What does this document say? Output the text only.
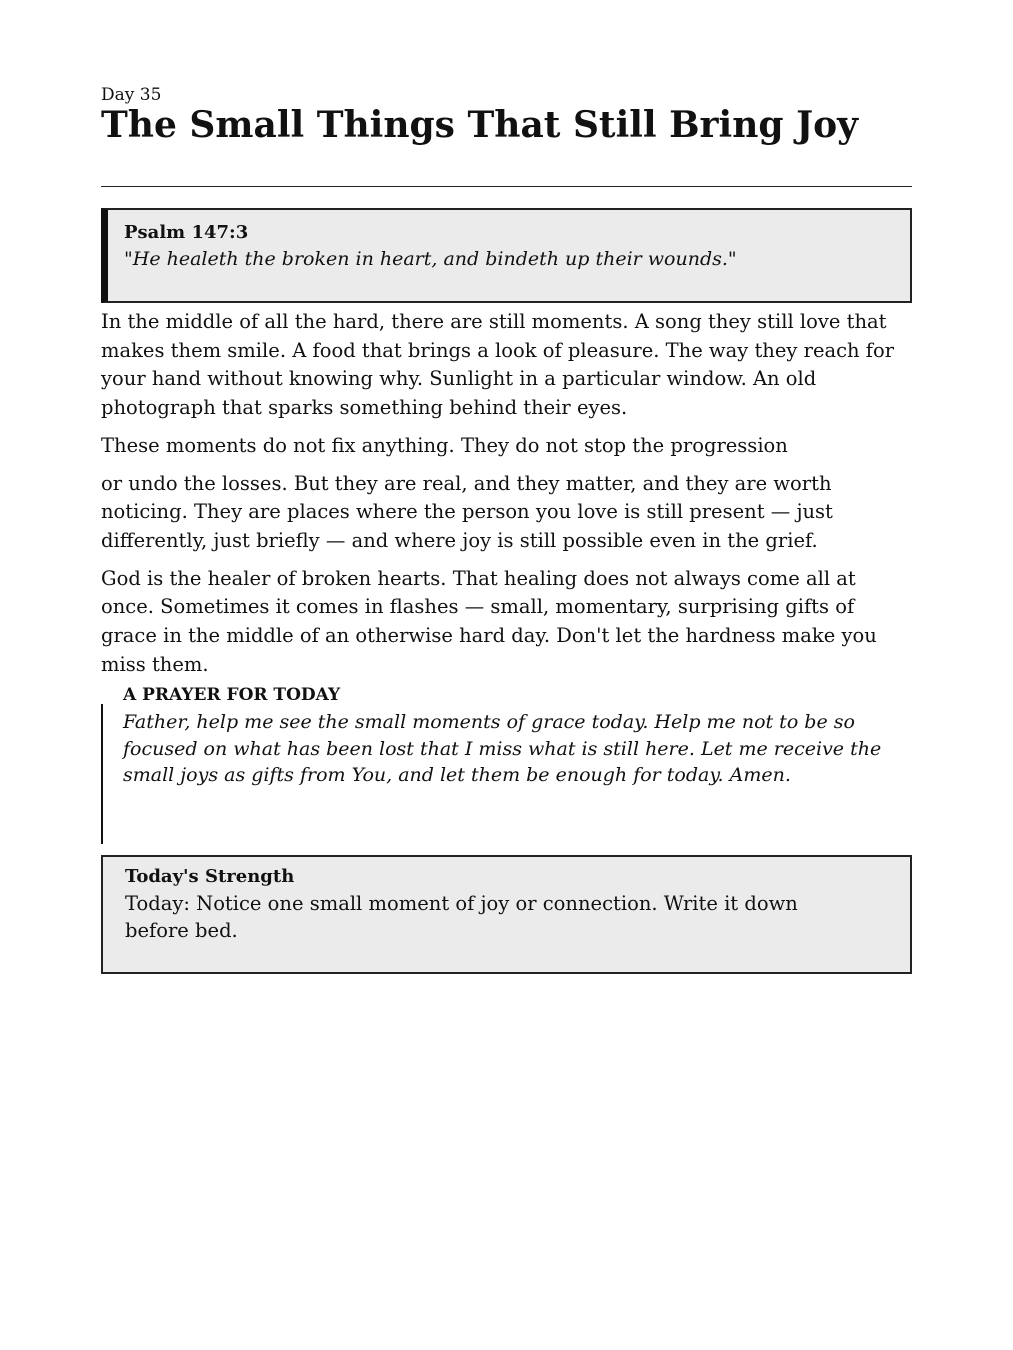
Day 35
The Small Things That Still Bring Joy
Psalm 147:3
"He healeth the broken in heart, and bindeth up their wounds."

In the middle of all the hard, there are still moments. A song they still love that makes them smile. A food that brings a look of pleasure. The way they reach for your hand without knowing why. Sunlight in a particular window. An old photograph that sparks something behind their eyes.

These moments do not fix anything. They do not stop the progression

or undo the losses. But they are real, and they matter, and they are worth noticing. They are places where the person you love is still present — just differently, just briefly — and where joy is still possible even in the grief.

God is the healer of broken hearts. That healing does not always come all at once. Sometimes it comes in flashes — small, momentary, surprising gifts of grace in the middle of an otherwise hard day. Don't let the hardness make you miss them.

A PRAYER FOR TODAY
Father, help me see the small moments of grace today. Help me not to be so focused on what has been lost that I miss what is still here. Let me receive the small joys as gifts from You, and let them be enough for today. Amen.
Today's Strength
Today: Notice one small moment of joy or connection. Write it down before bed.
